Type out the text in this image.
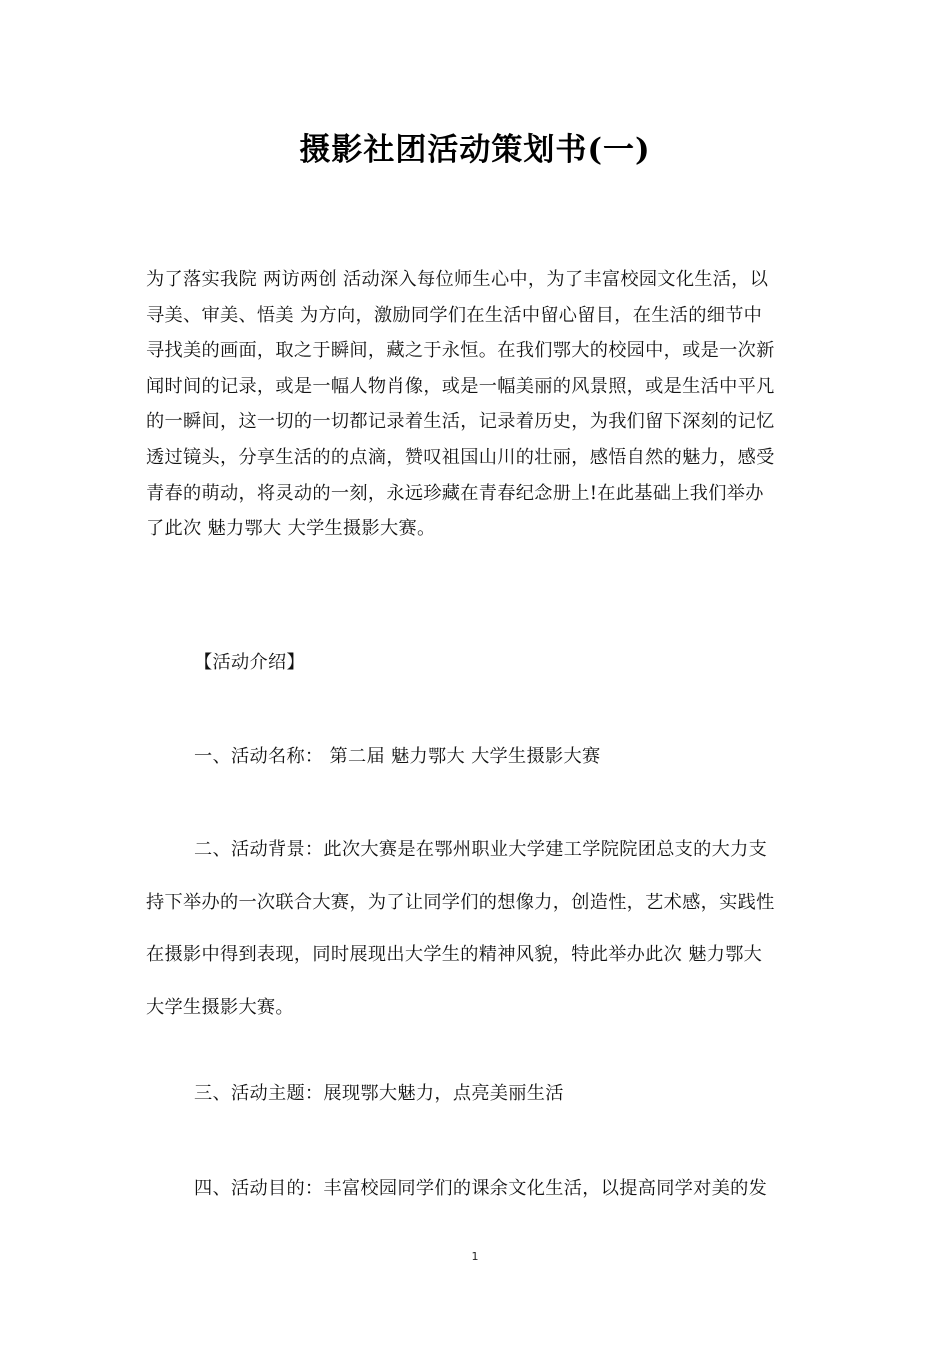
摄影社团活动策划书(一)
为了落实我院 两访两创 活动深入每位师生心中，为了丰富校园文化生活，以
寻美、审美、悟美 为方向，激励同学们在生活中留心留目，在生活的细节中
寻找美的画面，取之于瞬间，藏之于永恒。在我们鄂大的校园中，或是一次新
闻时间的记录，或是一幅人物肖像，或是一幅美丽的风景照，或是生活中平凡
的一瞬间，这一切的一切都记录着生活，记录着历史，为我们留下深刻的记忆
透过镜头，分享生活的的点滴，赞叹祖国山川的壮丽，感悟自然的魅力，感受
青春的萌动，将灵动的一刻，永远珍藏在青春纪念册上!在此基础上我们举办
了此次 魅力鄂大 大学生摄影大赛。
【活动介绍】
一、活动名称： 第二届 魅力鄂大 大学生摄影大赛
二、活动背景：此次大赛是在鄂州职业大学建工学院院团总支的大力支
持下举办的一次联合大赛，为了让同学们的想像力，创造性，艺术感，实践性
在摄影中得到表现，同时展现出大学生的精神风貌，特此举办此次 魅力鄂大
大学生摄影大赛。
三、活动主题：展现鄂大魅力，点亮美丽生活
四、活动目的：丰富校园同学们的课余文化生活，以提高同学对美的发
1
